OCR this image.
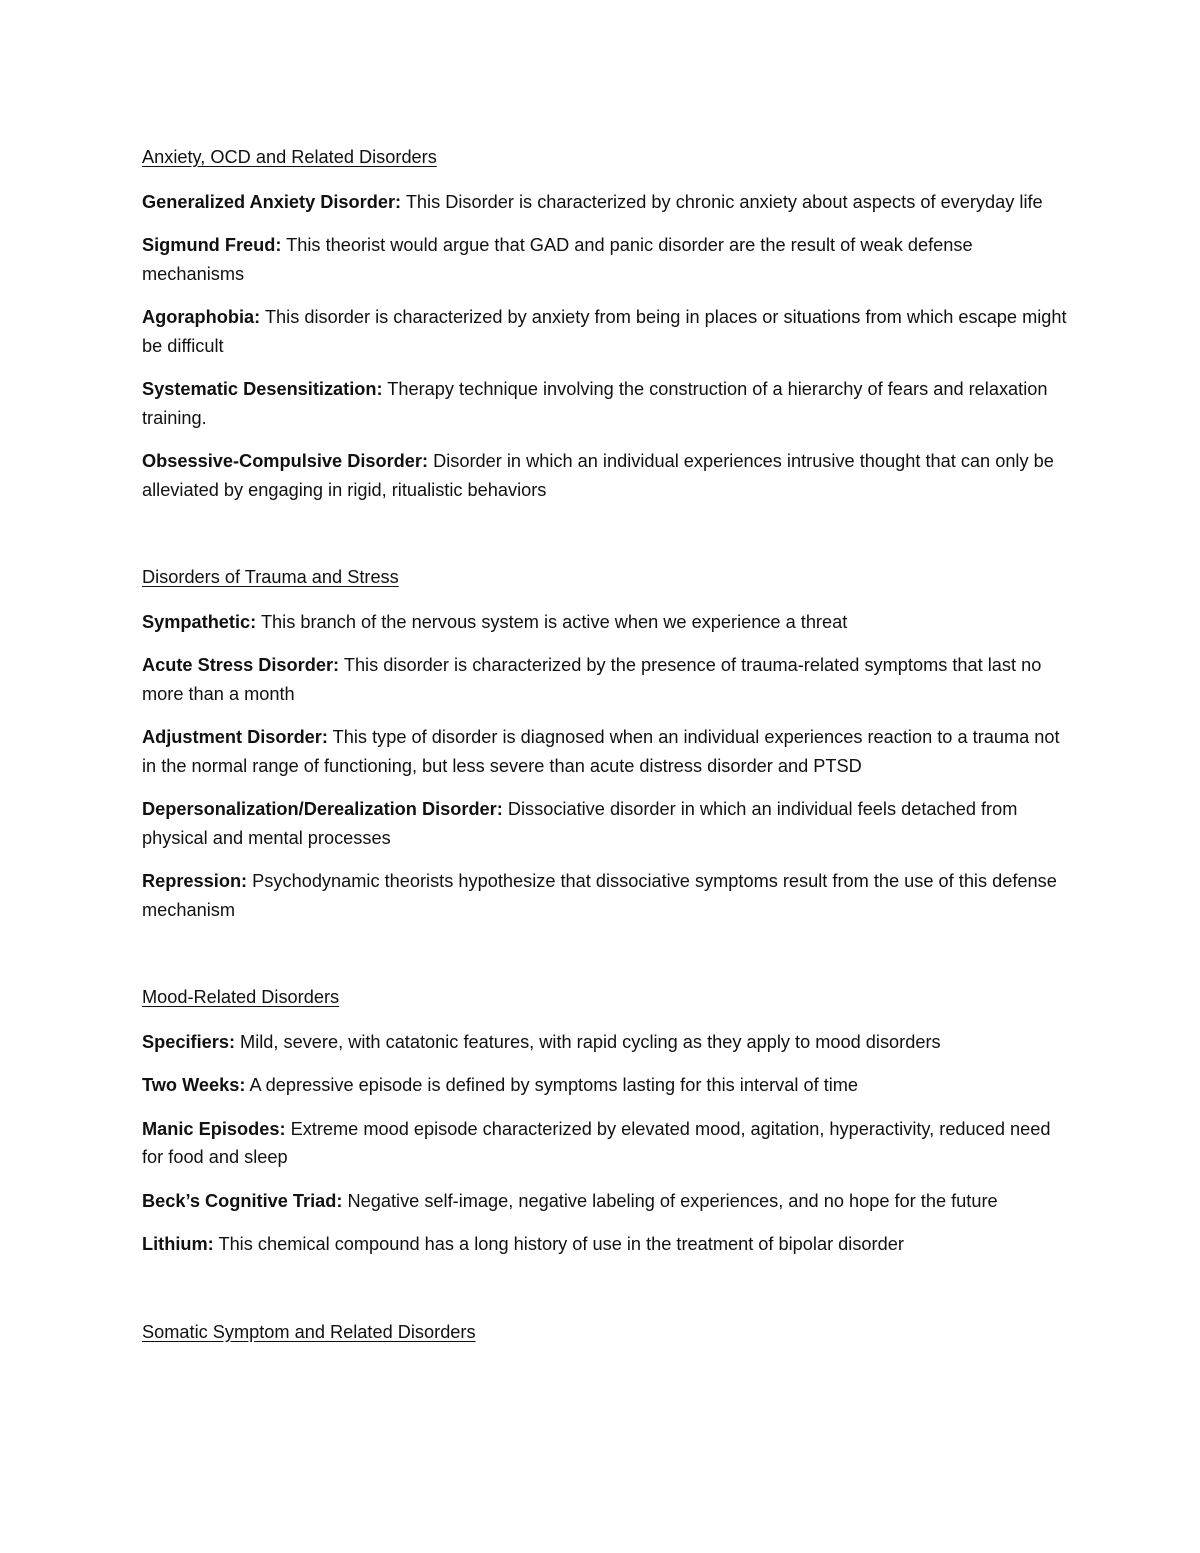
Anxiety, OCD and Related Disorders

Generalized Anxiety Disorder: This Disorder is characterized by chronic anxiety about aspects of everyday life

Sigmund Freud: This theorist would argue that GAD and panic disorder are the result of weak defense mechanisms

Agoraphobia: This disorder is characterized by anxiety from being in places or situations from which escape might be difficult

Systematic Desensitization: Therapy technique involving the construction of a hierarchy of fears and relaxation training.

Obsessive-Compulsive Disorder: Disorder in which an individual experiences intrusive thought that can only be alleviated by engaging in rigid, ritualistic behaviors

Disorders of Trauma and Stress

Sympathetic: This branch of the nervous system is active when we experience a threat

Acute Stress Disorder: This disorder is characterized by the presence of trauma-related symptoms that last no more than a month

Adjustment Disorder: This type of disorder is diagnosed when an individual experiences reaction to a trauma not in the normal range of functioning, but less severe than acute distress disorder and PTSD

Depersonalization/Derealization Disorder: Dissociative disorder in which an individual feels detached from physical and mental processes

Repression: Psychodynamic theorists hypothesize that dissociative symptoms result from the use of this defense mechanism

Mood-Related Disorders

Specifiers: Mild, severe, with catatonic features, with rapid cycling as they apply to mood disorders

Two Weeks: A depressive episode is defined by symptoms lasting for this interval of time

Manic Episodes: Extreme mood episode characterized by elevated mood, agitation, hyperactivity, reduced need for food and sleep

Beck’s Cognitive Triad: Negative self-image, negative labeling of experiences, and no hope for the future

Lithium: This chemical compound has a long history of use in the treatment of bipolar disorder

Somatic Symptom and Related Disorders
